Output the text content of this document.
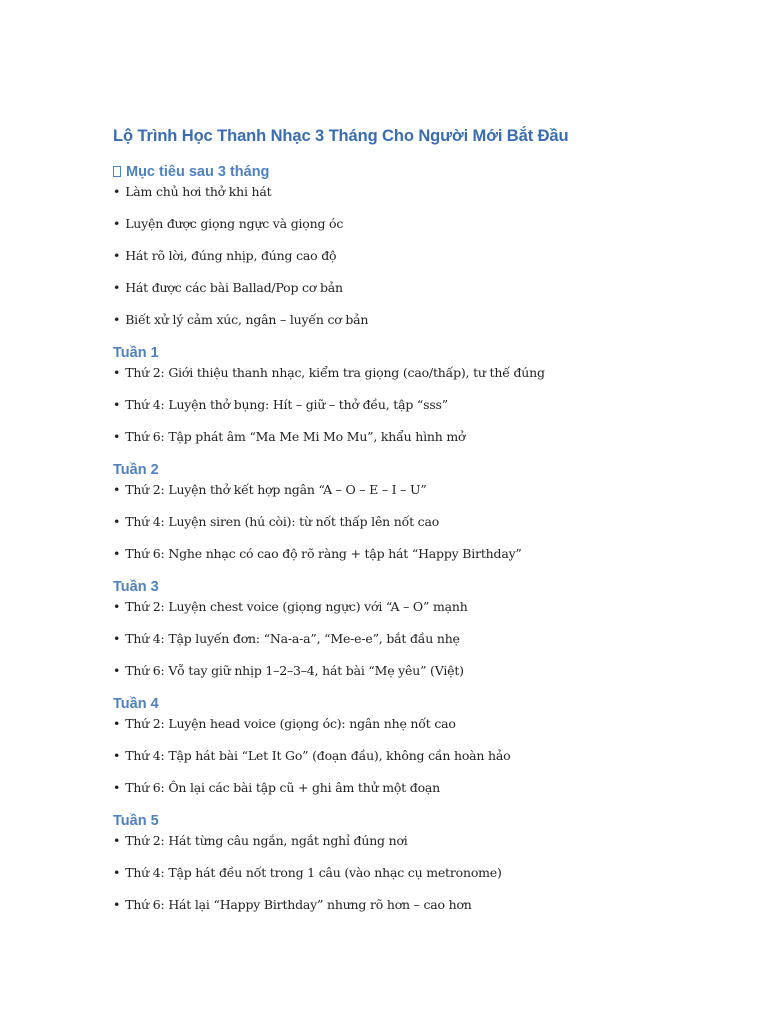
Lộ Trình Học Thanh Nhạc 3 Tháng Cho Người Mới Bắt Đầu
Mục tiêu sau 3 tháng
• Làm chủ hơi thở khi hát
• Luyện được giọng ngực và giọng óc
• Hát rõ lời, đúng nhịp, đúng cao độ
• Hát được các bài Ballad/Pop cơ bản
• Biết xử lý cảm xúc, ngân – luyến cơ bản
Tuần 1
• Thứ 2: Giới thiệu thanh nhạc, kiểm tra giọng (cao/thấp), tư thế đúng
• Thứ 4: Luyện thở bụng: Hít – giữ – thở đều, tập “sss”
• Thứ 6: Tập phát âm “Ma Me Mi Mo Mu”, khẩu hình mở
Tuần 2
• Thứ 2: Luyện thở kết hợp ngân “A – O – E – I – U”
• Thứ 4: Luyện siren (hú còi): từ nốt thấp lên nốt cao
• Thứ 6: Nghe nhạc có cao độ rõ ràng + tập hát “Happy Birthday”
Tuần 3
• Thứ 2: Luyện chest voice (giọng ngực) với “A – O” mạnh
• Thứ 4: Tập luyến đơn: “Na-a-a”, “Me-e-e”, bắt đầu nhẹ
• Thứ 6: Vỗ tay giữ nhịp 1–2–3–4, hát bài “Mẹ yêu” (Việt)
Tuần 4
• Thứ 2: Luyện head voice (giọng óc): ngân nhẹ nốt cao
• Thứ 4: Tập hát bài “Let It Go” (đoạn đầu), không cần hoàn hảo
• Thứ 6: Ôn lại các bài tập cũ + ghi âm thử một đoạn
Tuần 5
• Thứ 2: Hát từng câu ngắn, ngắt nghỉ đúng nơi
• Thứ 4: Tập hát đều nốt trong 1 câu (vào nhạc cụ metronome)
• Thứ 6: Hát lại “Happy Birthday” nhưng rõ hơn – cao hơn
